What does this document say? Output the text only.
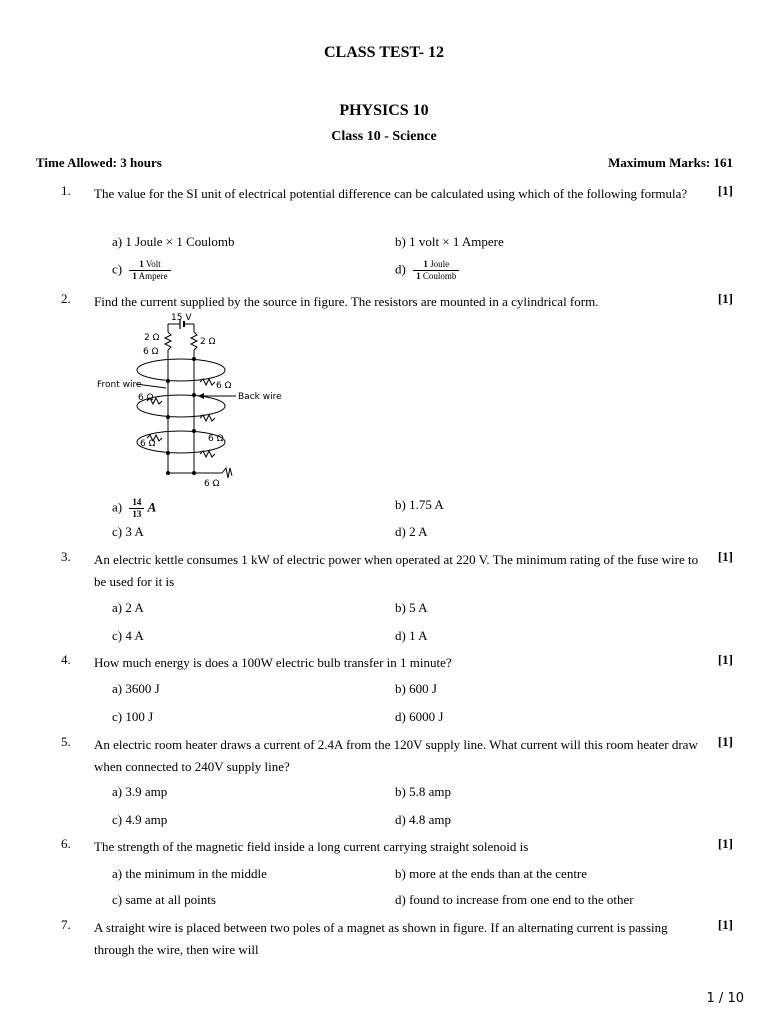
CLASS TEST- 12
PHYSICS 10
Class 10 - Science
Time Allowed: 3 hours	Maximum Marks: 161
1. The value for the SI unit of electrical potential difference can be calculated using which of the following formula?	[1]
a) 1 Joule × 1 Coulomb	b) 1 volt × 1 Ampere
$c) \frac{\text{1 Volt}}{\text{1 Ampere}}$	$d) \frac{\text{1 Joule}}{\text{1 Coulomb}}$
2. Find the current supplied by the source in figure. The resistors are mounted in a cylindrical form.	[1]
15 V
2 Ω	2 Ω
6 Ω
Front wire	6 Ω
6 Ω	Back wire
6 Ω	6 Ω
6 Ω
$a) \frac{14}{13}$ A	b) 1.75 A
c) 3 A	d) 2 A
3. An electric kettle consumes 1 kW of electric power when operated at 220 V. The minimum rating of the fuse wire to be used for it is
[1]
a) 2 A	b) 5 A
c) 4 A	d) 1 A
4. How much energy is does a 100W electric bulb transfer in 1 minute?	[1]
a) 3600 J	b) 600 J
c) 100 J	d) 6000 J
5. An electric room heater draws a current of 2.4A from the 120V supply line. What current will this room heater draw when connected to 240V supply line?
[1]
a) 3.9 amp	b) 5.8 amp
c) 4.9 amp	d) 4.8 amp
6. The strength of the magnetic field inside a long current carrying straight solenoid is	[1]
a) the minimum in the middle	b) more at the ends than at the centre
c) same at all points	d) found to increase from one end to the other
7. A straight wire is placed between two poles of a magnet as shown in figure. If an alternating current is passing through the wire, then wire will
[1]
1 / 10
